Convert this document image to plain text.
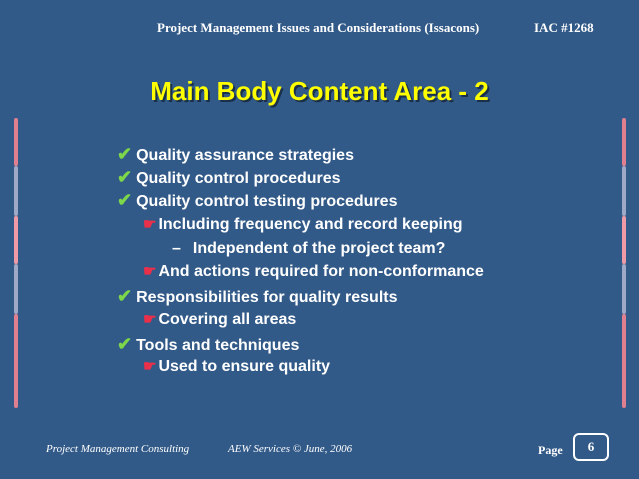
Project Management Issues and Considerations (Issacons)	IAC #1268
Main Body Content Area - 2
✔ Quality assurance strategies
✔ Quality control procedures
✔ Quality control testing procedures
☛ Including frequency and record keeping
– Independent of the project team?
☛ And actions required for non-conformance
✔ Responsibilities for quality results
☛ Covering all areas
✔ Tools and techniques
☛ Used to ensure quality
Project Management Consulting	AEW Services © June, 2006	Page	6
